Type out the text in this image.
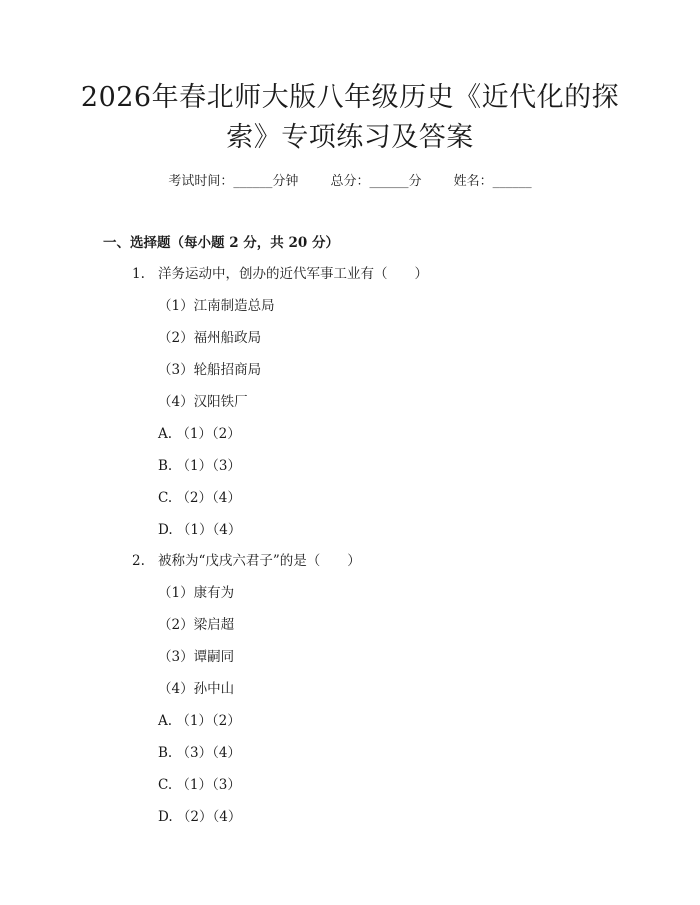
2026年春北师大版八年级历史《近代化的探索》专项练习及答案
考试时间：______分钟 总分：______分 姓名：______
一、选择题（每小题 2 分，共 20 分）
1. 洋务运动中，创办的近代军事工业有（　　）
（1）江南制造总局
（2）福州船政局
（3）轮船招商局
（4）汉阳铁厂
A. （1）（2）
B. （1）（3）
C. （2）（4）
D. （1）（4）
2. 被称为“戊戌六君子”的是（　　）
（1）康有为
（2）梁启超
（3）谭嗣同
（4）孙中山
A. （1）（2）
B. （3）（4）
C. （1）（3）
D. （2）（4）
